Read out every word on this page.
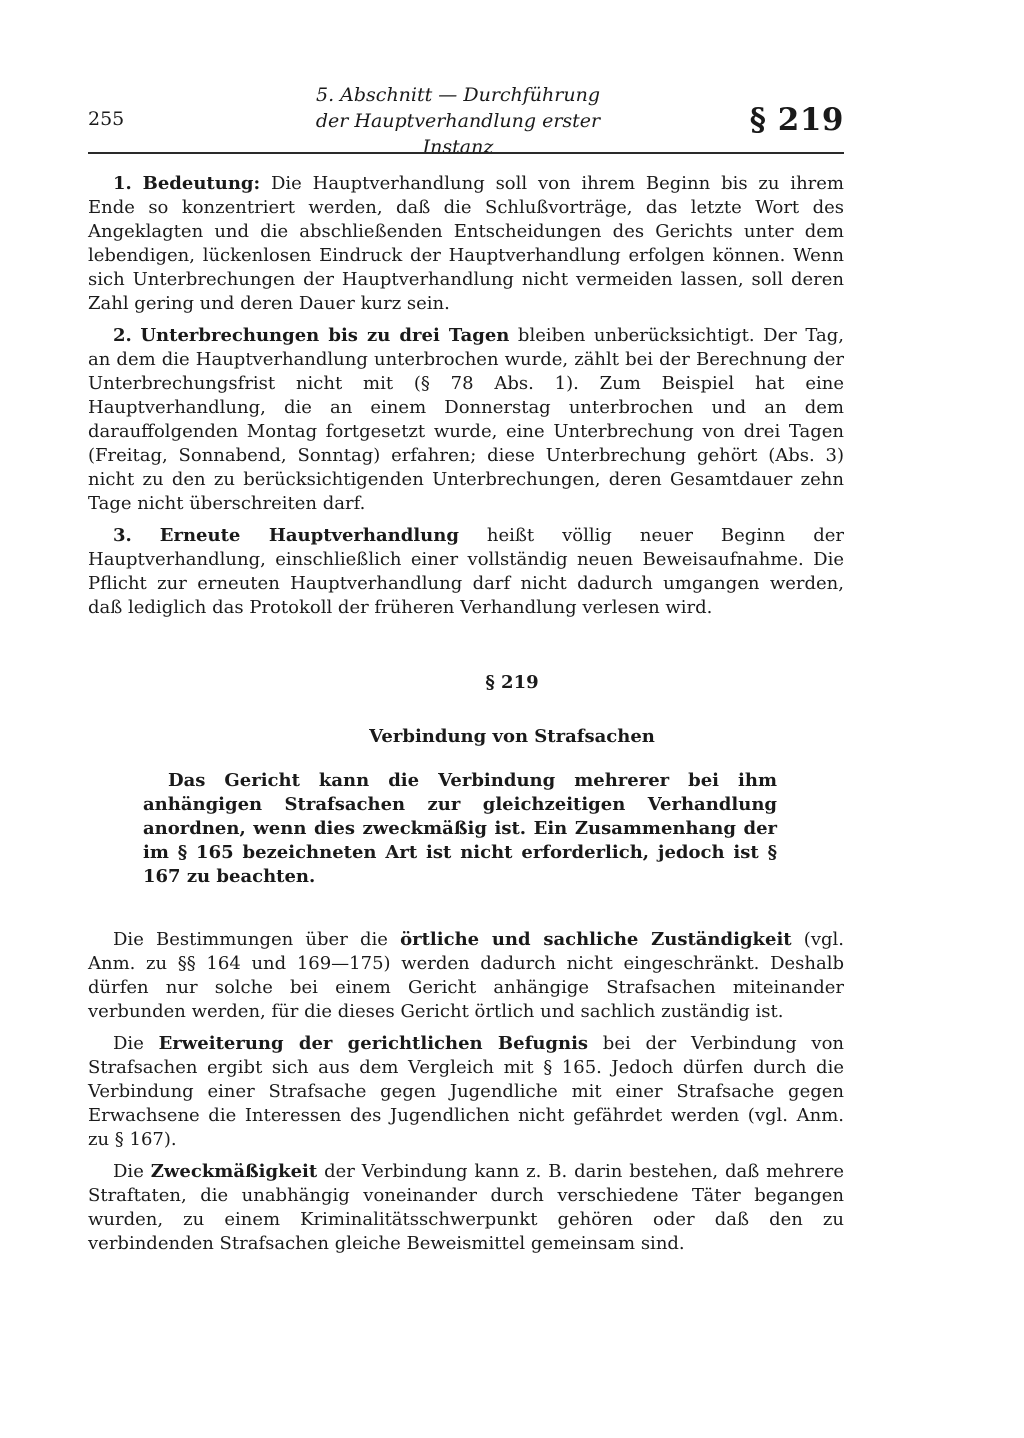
255
5. Abschnitt — Durchführung
der Hauptverhandlung erster Instanz
§ 219

1. Bedeutung: Die Hauptverhandlung soll von ihrem Beginn bis zu ihrem Ende so konzentriert werden, daß die Schlußvorträge, das letzte Wort des Angeklagten und die abschließenden Entscheidungen des Gerichts unter dem lebendigen, lückenlosen Eindruck der Hauptverhandlung erfolgen können. Wenn sich Unterbrechungen der Hauptverhandlung nicht vermeiden lassen, soll deren Zahl gering und deren Dauer kurz sein.

2. Unterbrechungen bis zu drei Tagen bleiben unberücksichtigt. Der Tag, an dem die Hauptverhandlung unterbrochen wurde, zählt bei der Berechnung der Unterbrechungsfrist nicht mit (§ 78 Abs. 1). Zum Beispiel hat eine Hauptverhandlung, die an einem Donnerstag unterbrochen und an dem darauffolgenden Montag fortgesetzt wurde, eine Unterbrechung von drei Tagen (Freitag, Sonnabend, Sonntag) erfahren; diese Unterbrechung gehört (Abs. 3) nicht zu den zu berücksichtigenden Unterbrechungen, deren Gesamtdauer zehn Tage nicht überschreiten darf.

3. Erneute Hauptverhandlung heißt völlig neuer Beginn der Hauptverhandlung, einschließlich einer vollständig neuen Beweisaufnahme. Die Pflicht zur erneuten Hauptverhandlung darf nicht dadurch umgangen werden, daß lediglich das Protokoll der früheren Verhandlung verlesen wird.

§ 219
Verbindung von Strafsachen

Das Gericht kann die Verbindung mehrerer bei ihm anhängigen Strafsachen zur gleichzeitigen Verhandlung anordnen, wenn dies zweckmäßig ist. Ein Zusammenhang der im § 165 bezeichneten Art ist nicht erforderlich, jedoch ist § 167 zu beachten.

Die Bestimmungen über die örtliche und sachliche Zuständigkeit (vgl. Anm. zu §§ 164 und 169—175) werden dadurch nicht eingeschränkt. Deshalb dürfen nur solche bei einem Gericht anhängige Strafsachen miteinander verbunden werden, für die dieses Gericht örtlich und sachlich zuständig ist.

Die Erweiterung der gerichtlichen Befugnis bei der Verbindung von Strafsachen ergibt sich aus dem Vergleich mit § 165. Jedoch dürfen durch die Verbindung einer Strafsache gegen Jugendliche mit einer Strafsache gegen Erwachsene die Interessen des Jugendlichen nicht gefährdet werden (vgl. Anm. zu § 167).

Die Zweckmäßigkeit der Verbindung kann z. B. darin bestehen, daß mehrere Straftaten, die unabhängig voneinander durch verschiedene Täter begangen wurden, zu einem Kriminalitätsschwerpunkt gehören oder daß den zu verbindenden Strafsachen gleiche Beweismittel gemeinsam sind.
